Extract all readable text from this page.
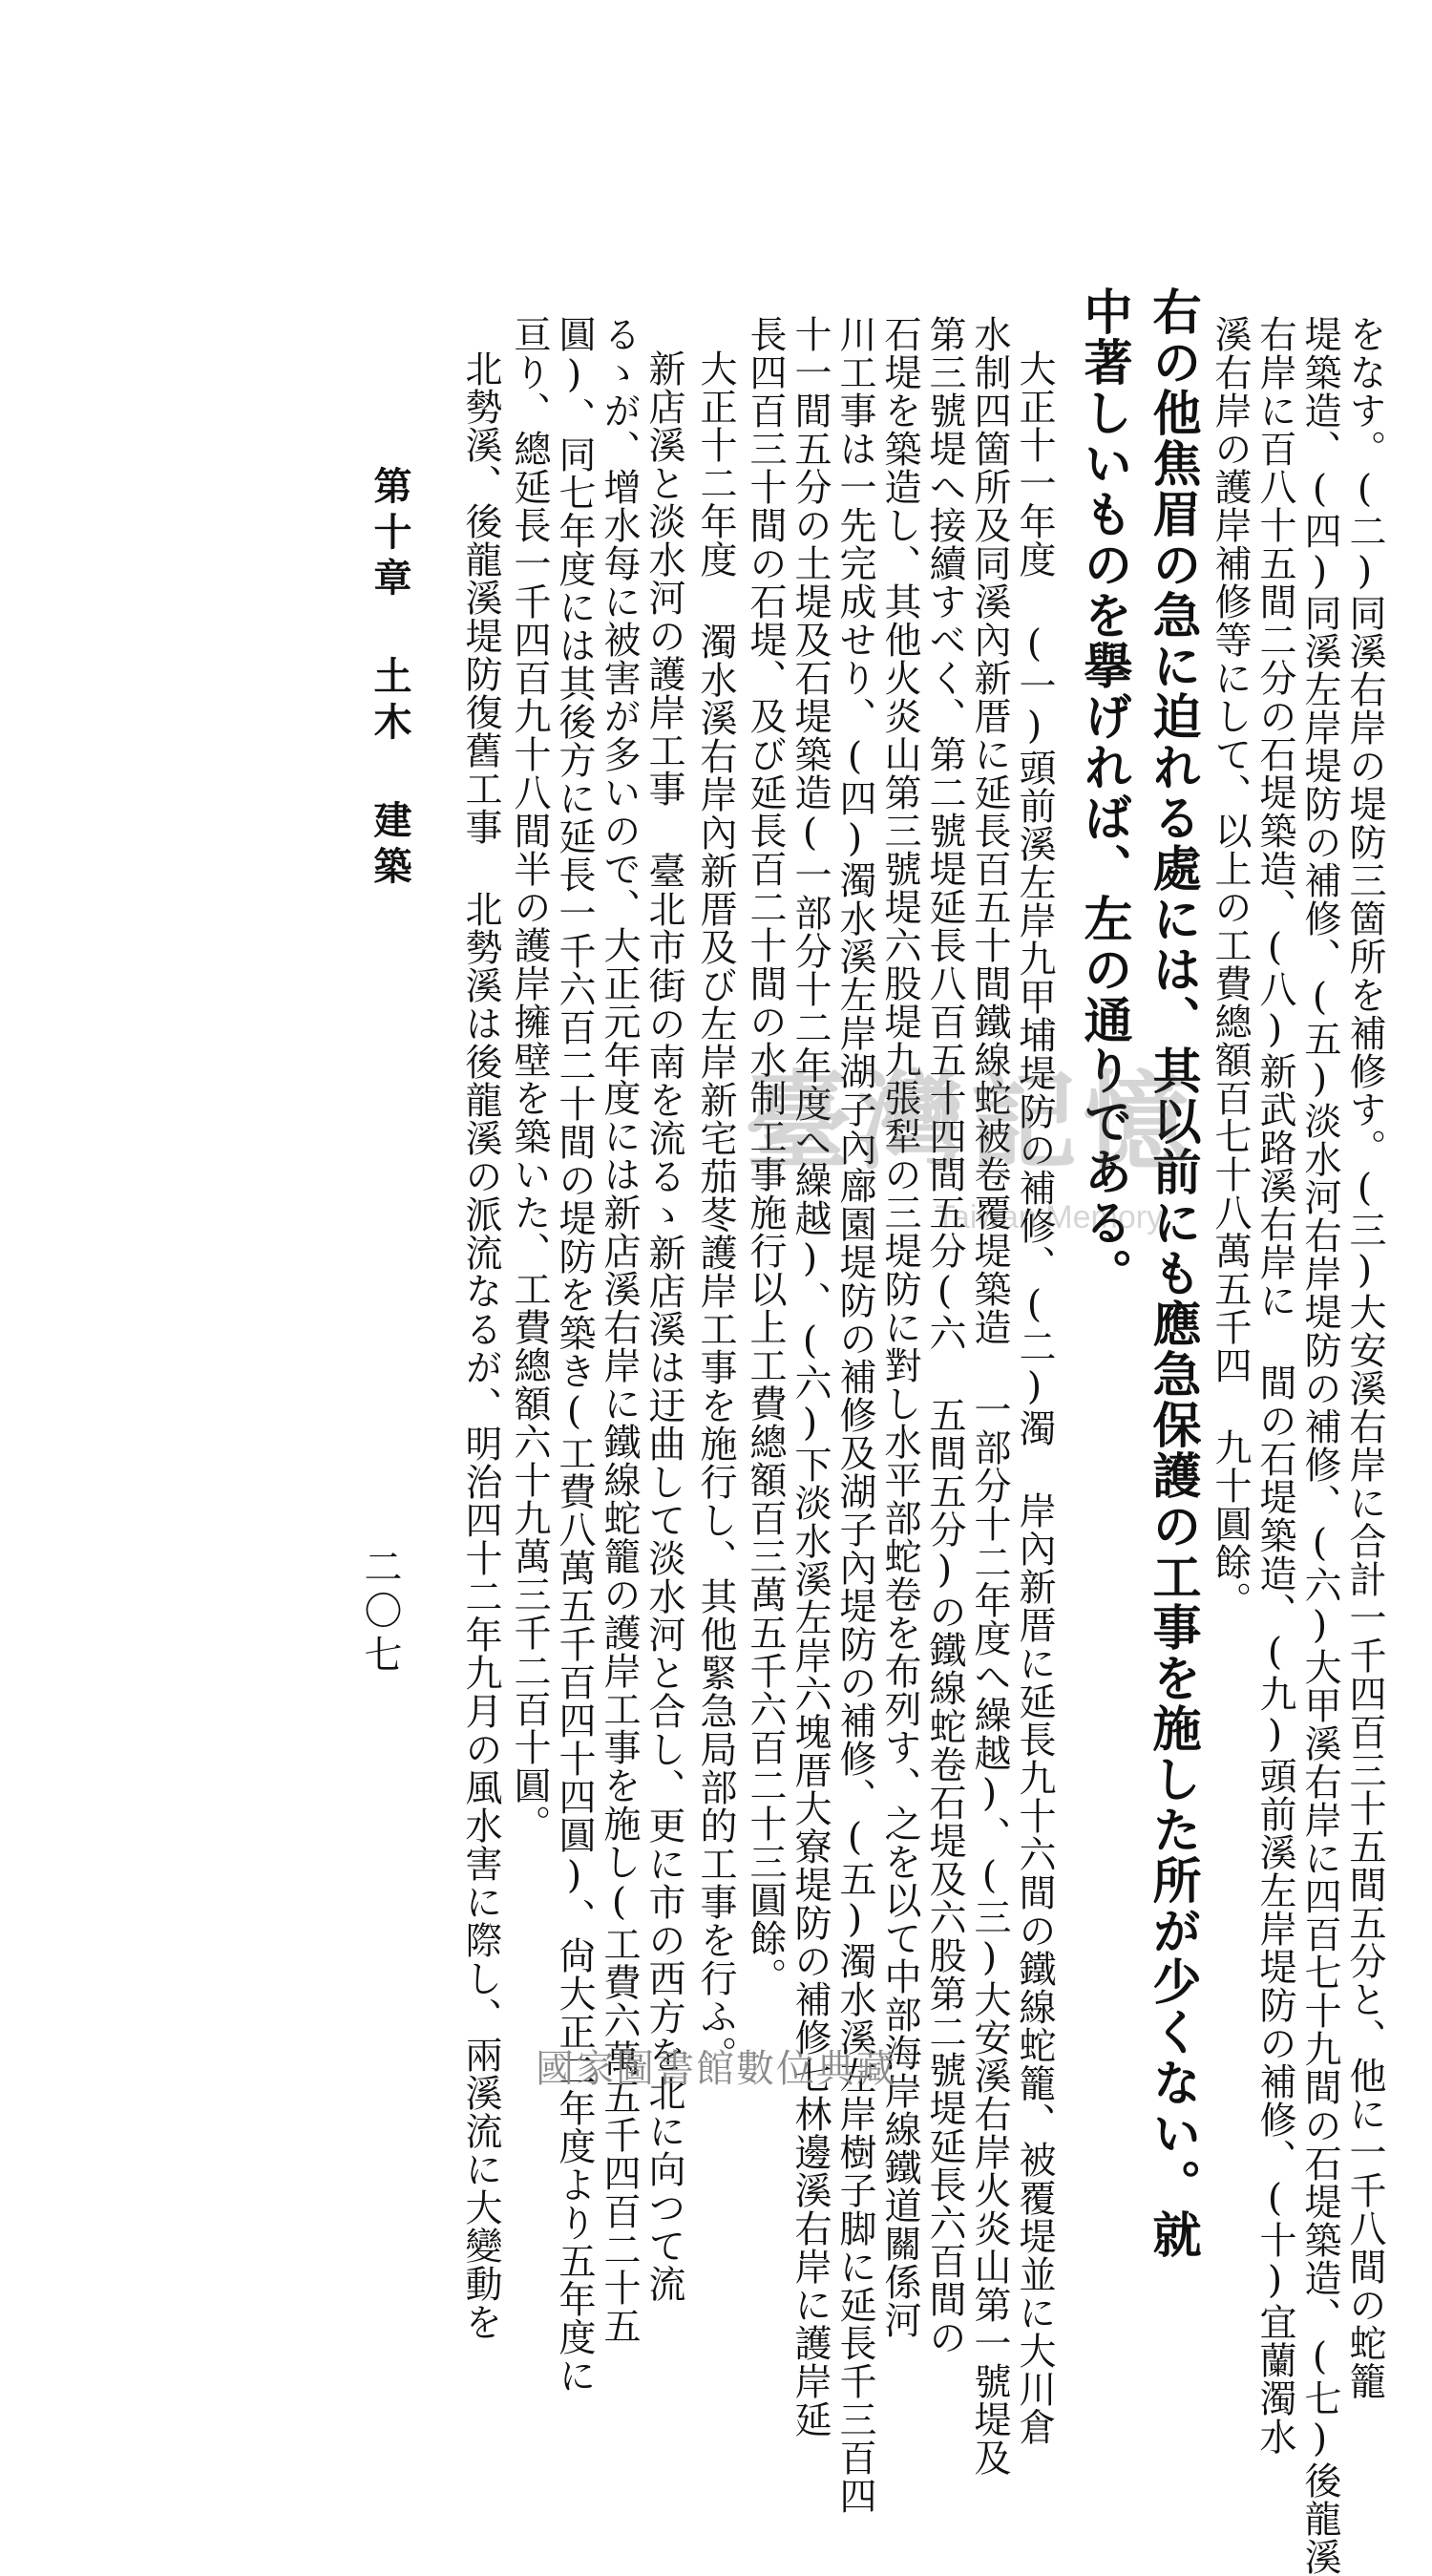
をなす。(二)同溪右岸の堤防三箇所を補修す。(三)大安溪右岸に合計一千四百三十五間五分と、他に一千八間の蛇籠
堤築造、(四)同溪左岸堤防の補修、(五)淡水河右岸堤防の補修、(六)大甲溪右岸に四百七十九間の石堤築造、(七)後龍溪
右岸に百八十五間二分の石堤築造、(八)新武路溪右岸に 間の石堤築造、(九)頭前溪左岸堤防の補修、(十)宜蘭濁水
溪右岸の護岸補修等にして、以上の工費總額百七十八萬五千四 九十圓餘。
右の他焦眉の急に迫れる處には、其以前にも應急保護の工事を施した所が少くない。就
中著しいものを擧げれば、左の通りである。
大正十一年度 (一)頭前溪左岸九甲埔堤防の補修、(二)濁 岸內新厝に延長九十六間の鐵線蛇籠、被覆堤並に大川倉
水制四箇所及同溪內新厝に延長百五十間鐵線蛇被卷覆堤築造 一部分十二年度へ繰越)、(三)大安溪右岸火炎山第一號堤及
第三號堤へ接續すべく、第二號堤延長八百五十四間五分(六 五間五分)の鐵線蛇卷石堤及六股第二號堤延長六百間の
石堤を築造し、其他火炎山第三號堤六股堤九張犁の三堤防に對し水平部蛇卷を布列す、之を以て中部海岸線鐵道關係河
川工事は一先完成せり、(四)濁水溪左岸湖子內廍園堤防の補修及湖子內堤防の補修、(五)濁水溪左岸樹子脚に延長千三百四
十一間五分の土堤及石堤築造(一部分十二年度へ繰越)、(六)下淡水溪左岸六塊厝大寮堤防の補修七林邊溪右岸に護岸延
長四百三十間の石堤、及び延長百二十間の水制工事施行以上工費總額百三萬五千六百二十三圓餘。
大正十二年度 濁水溪右岸內新厝及び左岸新宅茄苳護岸工事を施行し、其他緊急局部的工事を行ふ。
新店溪と淡水河の護岸工事 臺北市街の南を流るゝ新店溪は迂曲して淡水河と合し、更に市の西方を北に向つて流
るゝが、增水每に被害が多いので、大正元年度には新店溪右岸に鐵線蛇籠の護岸工事を施し(工費六萬五千四百二十五
圓)、同七年度には其後方に延長一千六百二十間の堤防を築き(工費八萬五千百四十四圓)、尙大正二年度より五年度に
亘り、總延長一千四百九十八間半の護岸擁壁を築いた、工費總額六十九萬三千二百十圓。
北勢溪、後龍溪堤防復舊工事 北勢溪は後龍溪の派流なるが、明治四十二年九月の風水害に際し、兩溪流に大變動を
第十章 土木 建築
二〇七
臺灣記憶
Taiwan Memory
國家圖書館數位典藏
